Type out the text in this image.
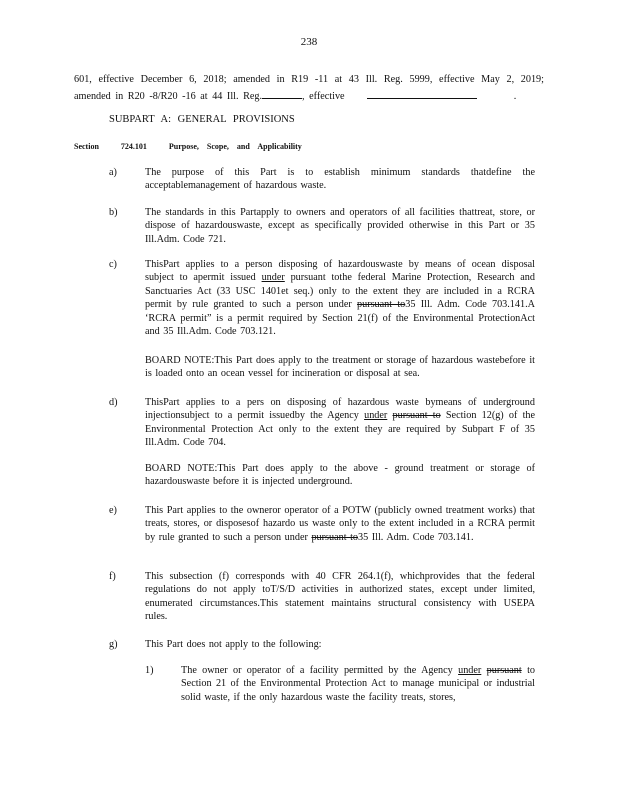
238
601, effective December 6, 2018; amended in R19 -11 at 43 Ill. Reg. 5999, effective May 2, 2019; amended in R20 -8/R20 -16 at 44 Ill. Reg.	, effective	.
SUBPART A: GENERAL PROVISIONS
Section	724.101	Purpose, Scope, and Applicability
a)	The purpose of this Part is to establish minimum standards thatdefine the acceptablemanagement of hazardous waste.
b)	The standards in this Partapply to owners and operators of all facilities thattreat, store, or dispose of hazardouswaste, except as specifically provided otherwise in this Part or 35 Ill.Adm. Code 721.
c)	ThisPart applies to a person disposing of hazardouswaste by means of ocean disposal subject to apermit issued under pursuant tothe federal Marine Protection, Research and Sanctuaries Act (33 USC 1401et seq.) only to the extent they are included in a RCRA permit by rule granted to such a person under pursuant to35 Ill. Adm. Code 703.141.A ‘RCRA permit” is a permit required by Section 21(f) of the Environmental ProtectionAct and 35 Ill.Adm. Code 703.121.
BOARD NOTE:This Part does apply to the treatment or storage of hazardous wastebefore it is loaded onto an ocean vessel for incineration or disposal at sea.
d)	ThisPart applies to a pers on disposing of hazardous waste bymeans of underground injectionsubject to a permit issuedby the Agency under pursuant to Section 12(g) of the Environmental Protection Act only to the extent they are required by Subpart F of 35 Ill.Adm. Code 704.
BOARD NOTE:This Part does apply to the above - ground treatment or storage of hazardouswaste before it is injected underground.
e)	This Part applies to the owneror operator of a POTW (publicly owned treatment works) that treats, stores, or disposesof hazardo us waste only to the extent included in a RCRA permit by rule granted to such a person under pursuant to35 Ill. Adm. Code 703.141.
f)	This subsection (f) corresponds with 40 CFR 264.1(f), whichprovides that the federal regulations do not apply toT/S/D activities in authorized states, except under limited, enumerated circumstances.This statement maintains structural consistency with USEPA rules.
g)	This Part does not apply to the following:
1)	The owner or operator of a facility permitted by the Agency under pursuant to Section 21 of the Environmental Protection Act to manage municipal or industrial solid waste, if the only hazardous waste the facility treats, stores,
